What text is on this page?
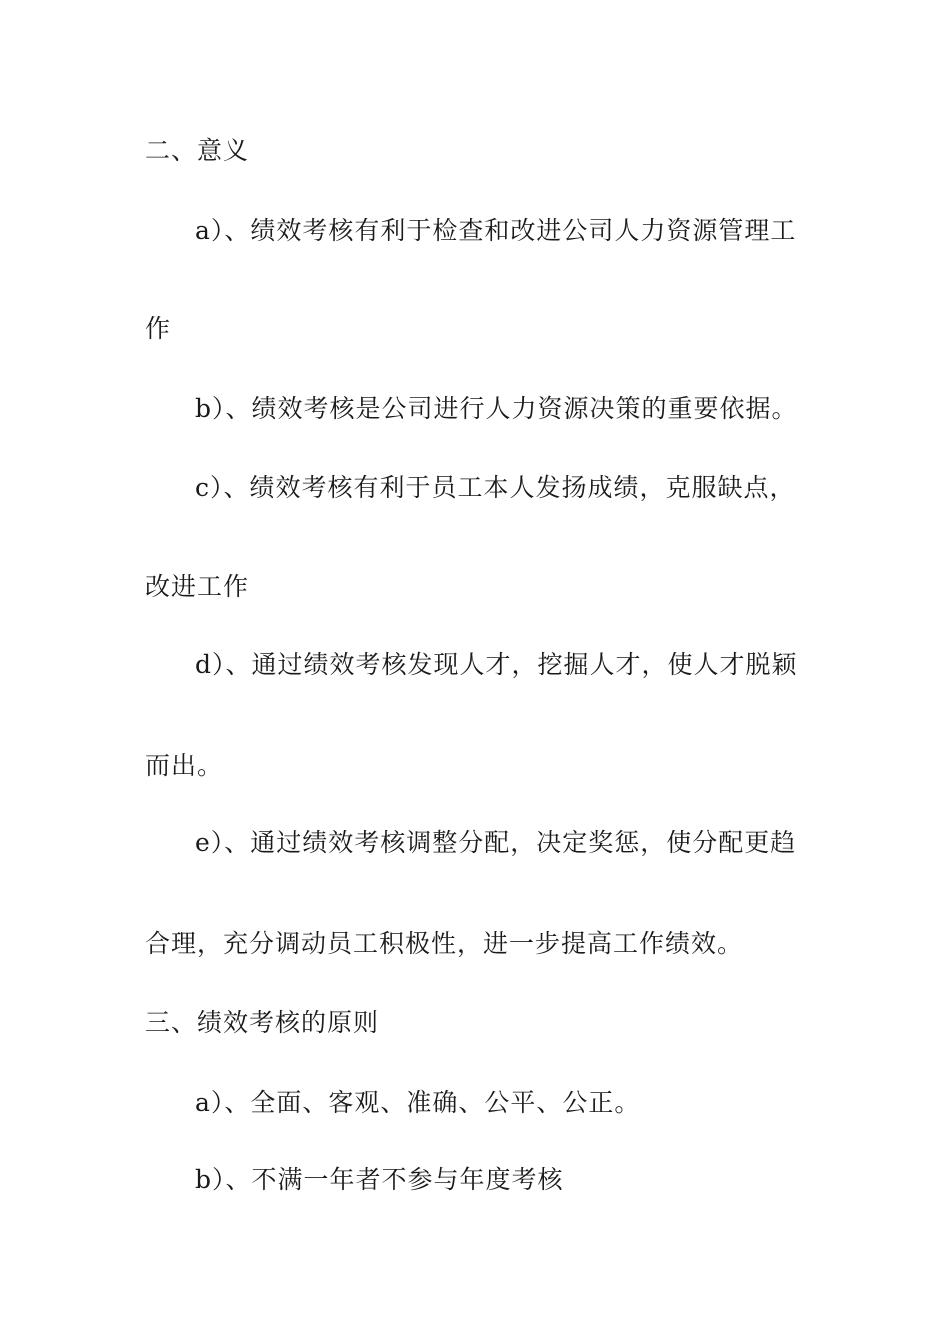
二、意义
a）、绩效考核有利于检查和改进公司人力资源管理工
作
b）、绩效考核是公司进行人力资源决策的重要依据。
c）、绩效考核有利于员工本人发扬成绩，克服缺点，
改进工作
d）、通过绩效考核发现人才，挖掘人才，使人才脱颖
而出。
e）、通过绩效考核调整分配，决定奖惩，使分配更趋
合理，充分调动员工积极性，进一步提高工作绩效。
三、绩效考核的原则
a）、全面、客观、准确、公平、公正。
b）、不满一年者不参与年度考核
